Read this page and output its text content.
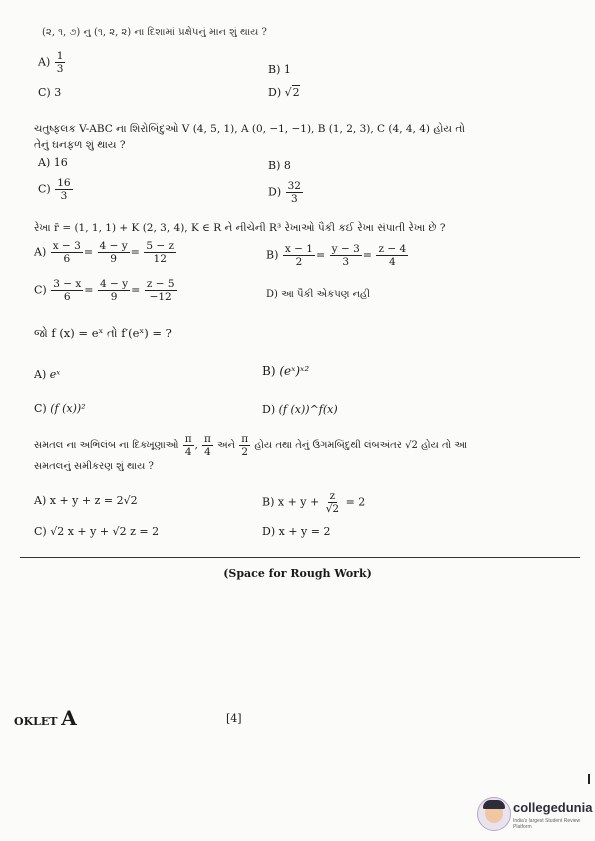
(૨, ૧, ૭) નુ (૧, ૨, ૨) ના દિશામાં પ્રક્ષેપનું માન શું થાય ?
$A) \frac{1}{3}$	B) 1
C) 3	D) √2
ચતુષ્ફલક V-ABC ના શિરોબિંદુઓ V (4, 5, 1), A (0, −1, −1), B (1, 2, 3), C (4, 4, 4) હોય તો
તેનું ઘનફળ શું થાય ?
A) 16	B) 8
$C) \frac{16}{3}$	$D) \frac{32}{3}$
રેખા r̄ = (1, 1, 1) + K (2, 3, 4), K ∈ R ને નીચેની R³ રેખાઓ પૈકી કઈ રેખા સંપાતી રેખા છે ?
$A) \frac{x - 3}{6} = \frac{4 - y}{9} = \frac{5 - z}{12}$	$B) \frac{x - 1}{2} = \frac{y - 3}{3} = \frac{z - 4}{4}$
$C) \frac{3 - x}{6} = \frac{4 - y}{9} = \frac{z - 5}{-12}$	D) આ પૈકી એકપણ નહી
જો f (x) = eˣ તો f′(eˣ) = ?
A) eˣ	B) (eˣ)ˣ²
C) (f (x))²	D) (f (x))^f(x)
સમતલ ના અભિલંબ ના દિક્ખૂણાઓ $\frac{\pi}{4}$ , $\frac{\pi}{4}$ અને $\frac{\pi}{2}$ હોય તથા તેનું ઉગમબિંદુથી લંબઅંતર √2 હોય તો આ
સમતલનું સમીકરણ શું થાય ?
A) x + y + z = 2√2	B) $x + y + \frac{z}{√2} = 2$
C) √2 x + y + √2 z = 2	D) x + y = 2
(Space for Rough Work)
OKLET A	[4]
collegedunia
India's largest Student Review Platform
